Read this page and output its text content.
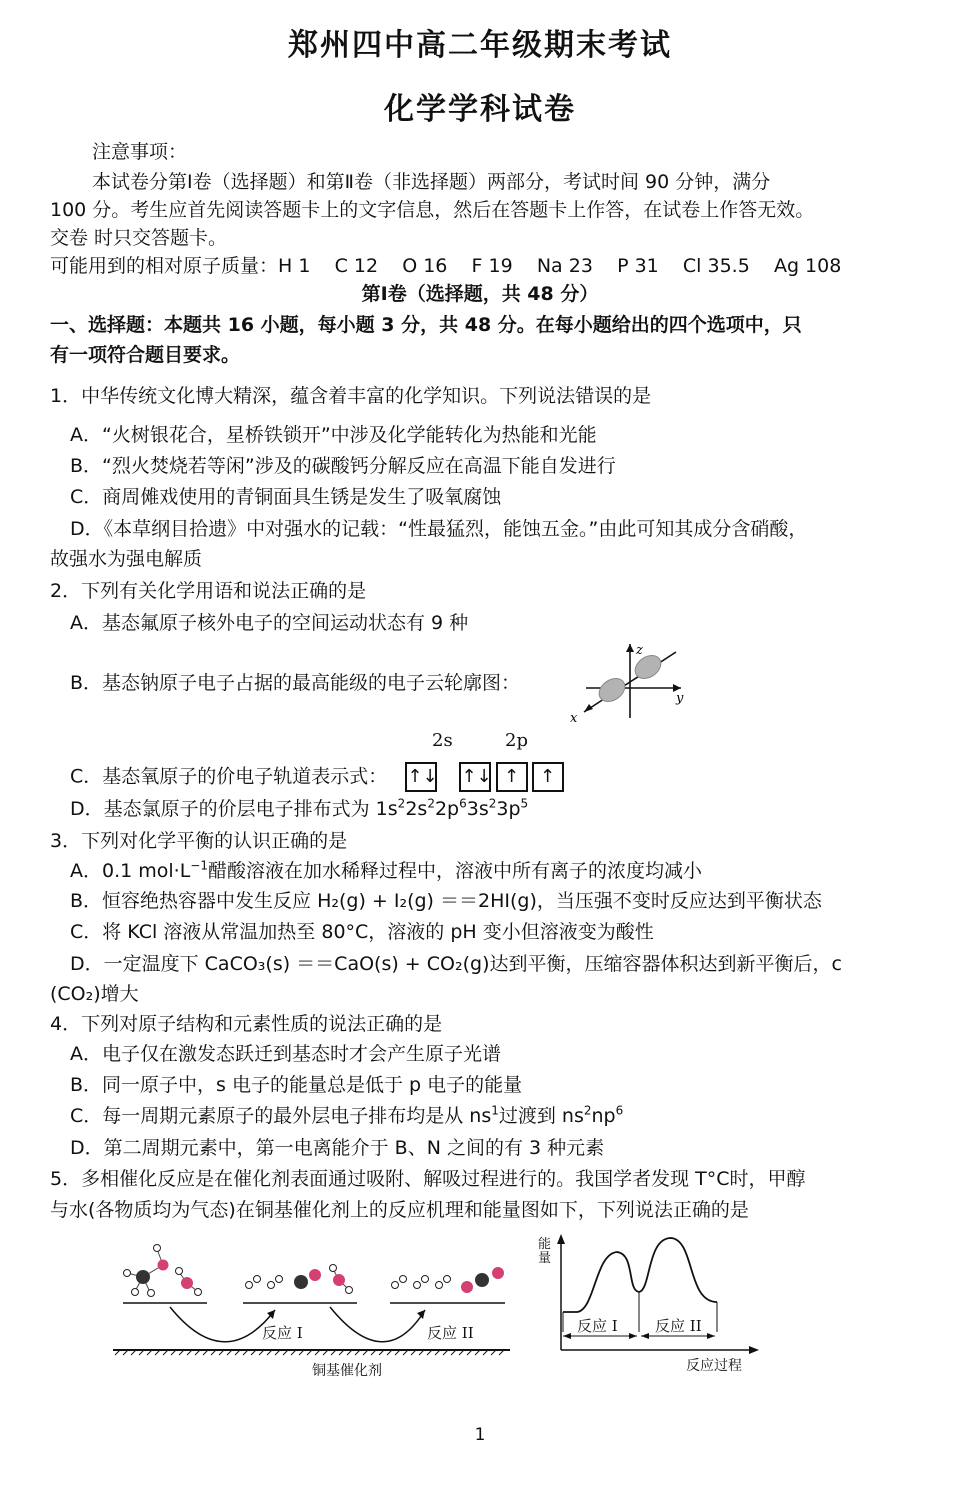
郑州四中高二年级期末考试
化学学科试卷
注意事项：
本试卷分第Ⅰ卷（选择题）和第Ⅱ卷（非选择题）两部分，考试时间 90 分钟，满分
100 分。考生应首先阅读答题卡上的文字信息，然后在答题卡上作答，在试卷上作答无效。
交卷 时只交答题卡。
可能用到的相对原子质量：H 1    C 12    O 16    F 19    Na 23    P 31    Cl 35.5    Ag 108
第Ⅰ卷（选择题，共 48 分）
一、选择题：本题共 16 小题，每小题 3 分，共 48 分。在每小题给出的四个选项中，只
有一项符合题目要求。
1．中华传统文化博大精深，蕴含着丰富的化学知识。下列说法错误的是
A．“火树银花合，星桥铁锁开”中涉及化学能转化为热能和光能
B．“烈火焚烧若等闲”涉及的碳酸钙分解反应在高温下能自发进行
C．商周傩戏使用的青铜面具生锈是发生了吸氧腐蚀
D．《本草纲目拾遗》中对强水的记载：“性最猛烈，能蚀五金。”由此可知其成分含硝酸，
故强水为强电解质
2．下列有关化学用语和说法正确的是
A．基态氟原子核外电子的空间运动状态有 9 种
B．基态钠原子电子占据的最高能级的电子云轮廓图：
z
y
x
2s	2p
C．基态氧原子的价电子轨道表示式： ↑↓ ↑↓ ↑ ↑
D．基态氯原子的价层电子排布式为 $1s^22s^22p^63s^23p^5$
3．下列对化学平衡的认识正确的是
A．0.1 $mol\cdot L^{-1}$醋酸溶液在加水稀释过程中，溶液中所有离子的浓度均减小
B．恒容绝热容器中发生反应 H₂(g) + I₂(g) ＝＝2HI(g)，当压强不变时反应达到平衡状态
C．将 KCl 溶液从常温加热至 80°C，溶液的 pH 变小但溶液变为酸性
D．一定温度下 CaCO₃(s) ＝＝CaO(s) + CO₂(g)达到平衡，压缩容器体积达到新平衡后，c
(CO₂)增大
4．下列对原子结构和元素性质的说法正确的是
A．电子仅在激发态跃迁到基态时才会产生原子光谱
B．同一原子中，s 电子的能量总是低于 p 电子的能量
C．每一周期元素原子的最外层电子排布均是从 $ns^1$过渡到 $ns^2np^6$
D．第二周期元素中，第一电离能介于 B、N 之间的有 3 种元素
5．多相催化反应是在催化剂表面通过吸附、解吸过程进行的。我国学者发现 T°C时，甲醇
与水(各物质均为气态)在铜基催化剂上的反应机理和能量图如下，下列说法正确的是
反应 I	反应 II
铜基催化剂
能
量
反应 I 反应 II
反应过程
1
